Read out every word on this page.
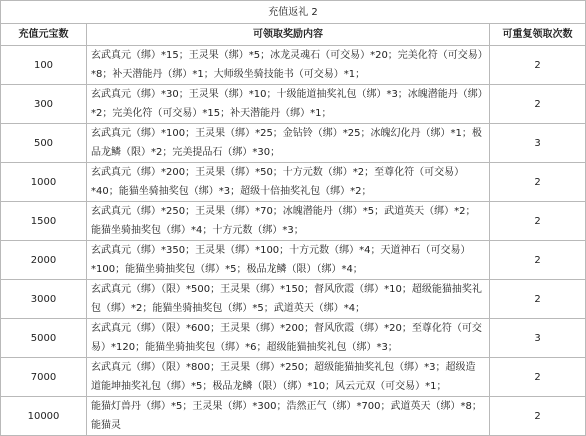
充值返礼 2		
充值元宝数	可领取奖励内容	可重复领取次数
100	玄武真元（绑）*15；王灵果（绑）*5；冰龙灵魂石（可交易）*20；完美化符（可交易）*8；补天潜能丹（绑）*1；大师级坐骑技能书（可交易）*1；	2
300	玄武真元（绑）*30；王灵果（绑）*10；十级能道抽奖礼包（绑）*3；冰魄潜能丹（绑）*2；完美化符（可交易）*15；补天潜能丹（绑）*1；	2
500	玄武真元（绑）*100；王灵果（绑）*25；金钻铃（绑）*25；冰魄幻化丹（绑）*1；极品龙鳞（限）*2；完美提品石（绑）*30；	3
1000	玄武真元（绑）*200；王灵果（绑）*50；十方元数（绑）*2；至尊化符（可交易）*40；能猫坐骑抽奖包（绑）*3；超级十倍抽奖礼包（绑）*2；	2
1500	玄武真元（绑）*250；王灵果（绑）*70；冰魄潜能丹（绑）*5；武道英天（绑）*2；能猫坐骑抽奖包（绑）*4；十方元数（绑）*3；	2
2000	玄武真元（绑）*350；王灵果（绑）*100；十方元数（绑）*4；天道神石（可交易）*100；能猫坐骑抽奖包（绑）*5；极品龙鳞（限）（绑）*4；	2
3000	玄武真元（绑）（限）*500；王灵果（绑）*150；督风欣霞（绑）*10；超级能猫抽奖礼包（绑）*2；能猫坐骑抽奖包（绑）*5；武道英天（绑）*4；	2
5000	玄武真元（绑）（限）*600；王灵果（绑）*200；督风欣霞（绑）*20；至尊化符（可交易）*120；能猫坐骑抽奖包（绑）*6；超级能猫抽奖礼包（绑）*3；	3
7000	玄武真元（绑）（限）*800；王灵果（绑）*250；超级能猫抽奖礼包（绑）*3；超级造道能坤抽奖礼包（绑）*5；极品龙鳞（限）（绑）*10；风云元双（可交易）*1；	2
10000	能猫灯兽丹（绑）*5；王灵果（绑）*300；浩然正气（绑）*700；武道英天（绑）*8；能猫灵	2
